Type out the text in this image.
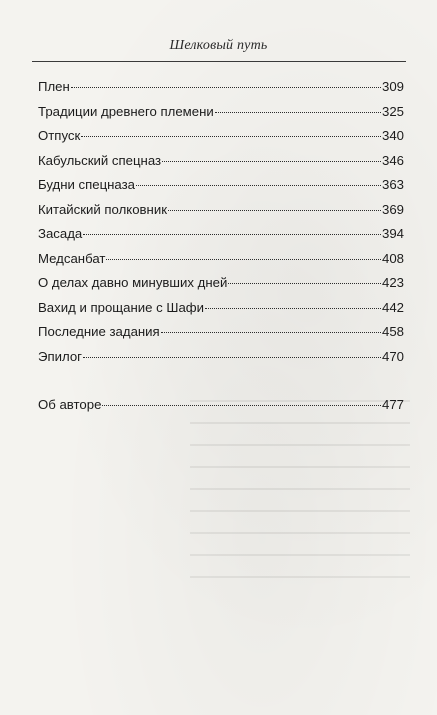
Шелковый путь
Плен	309
Традиции древнего племени	325
Отпуск	340
Кабульский спецназ	346
Будни спецназа	363
Китайский полковник	369
Засада	394
Медсанбат	408
О делах давно минувших дней	423
Вахид и прощание с Шафи	442
Последние задания	458
Эпилог	470
Об авторе	477
